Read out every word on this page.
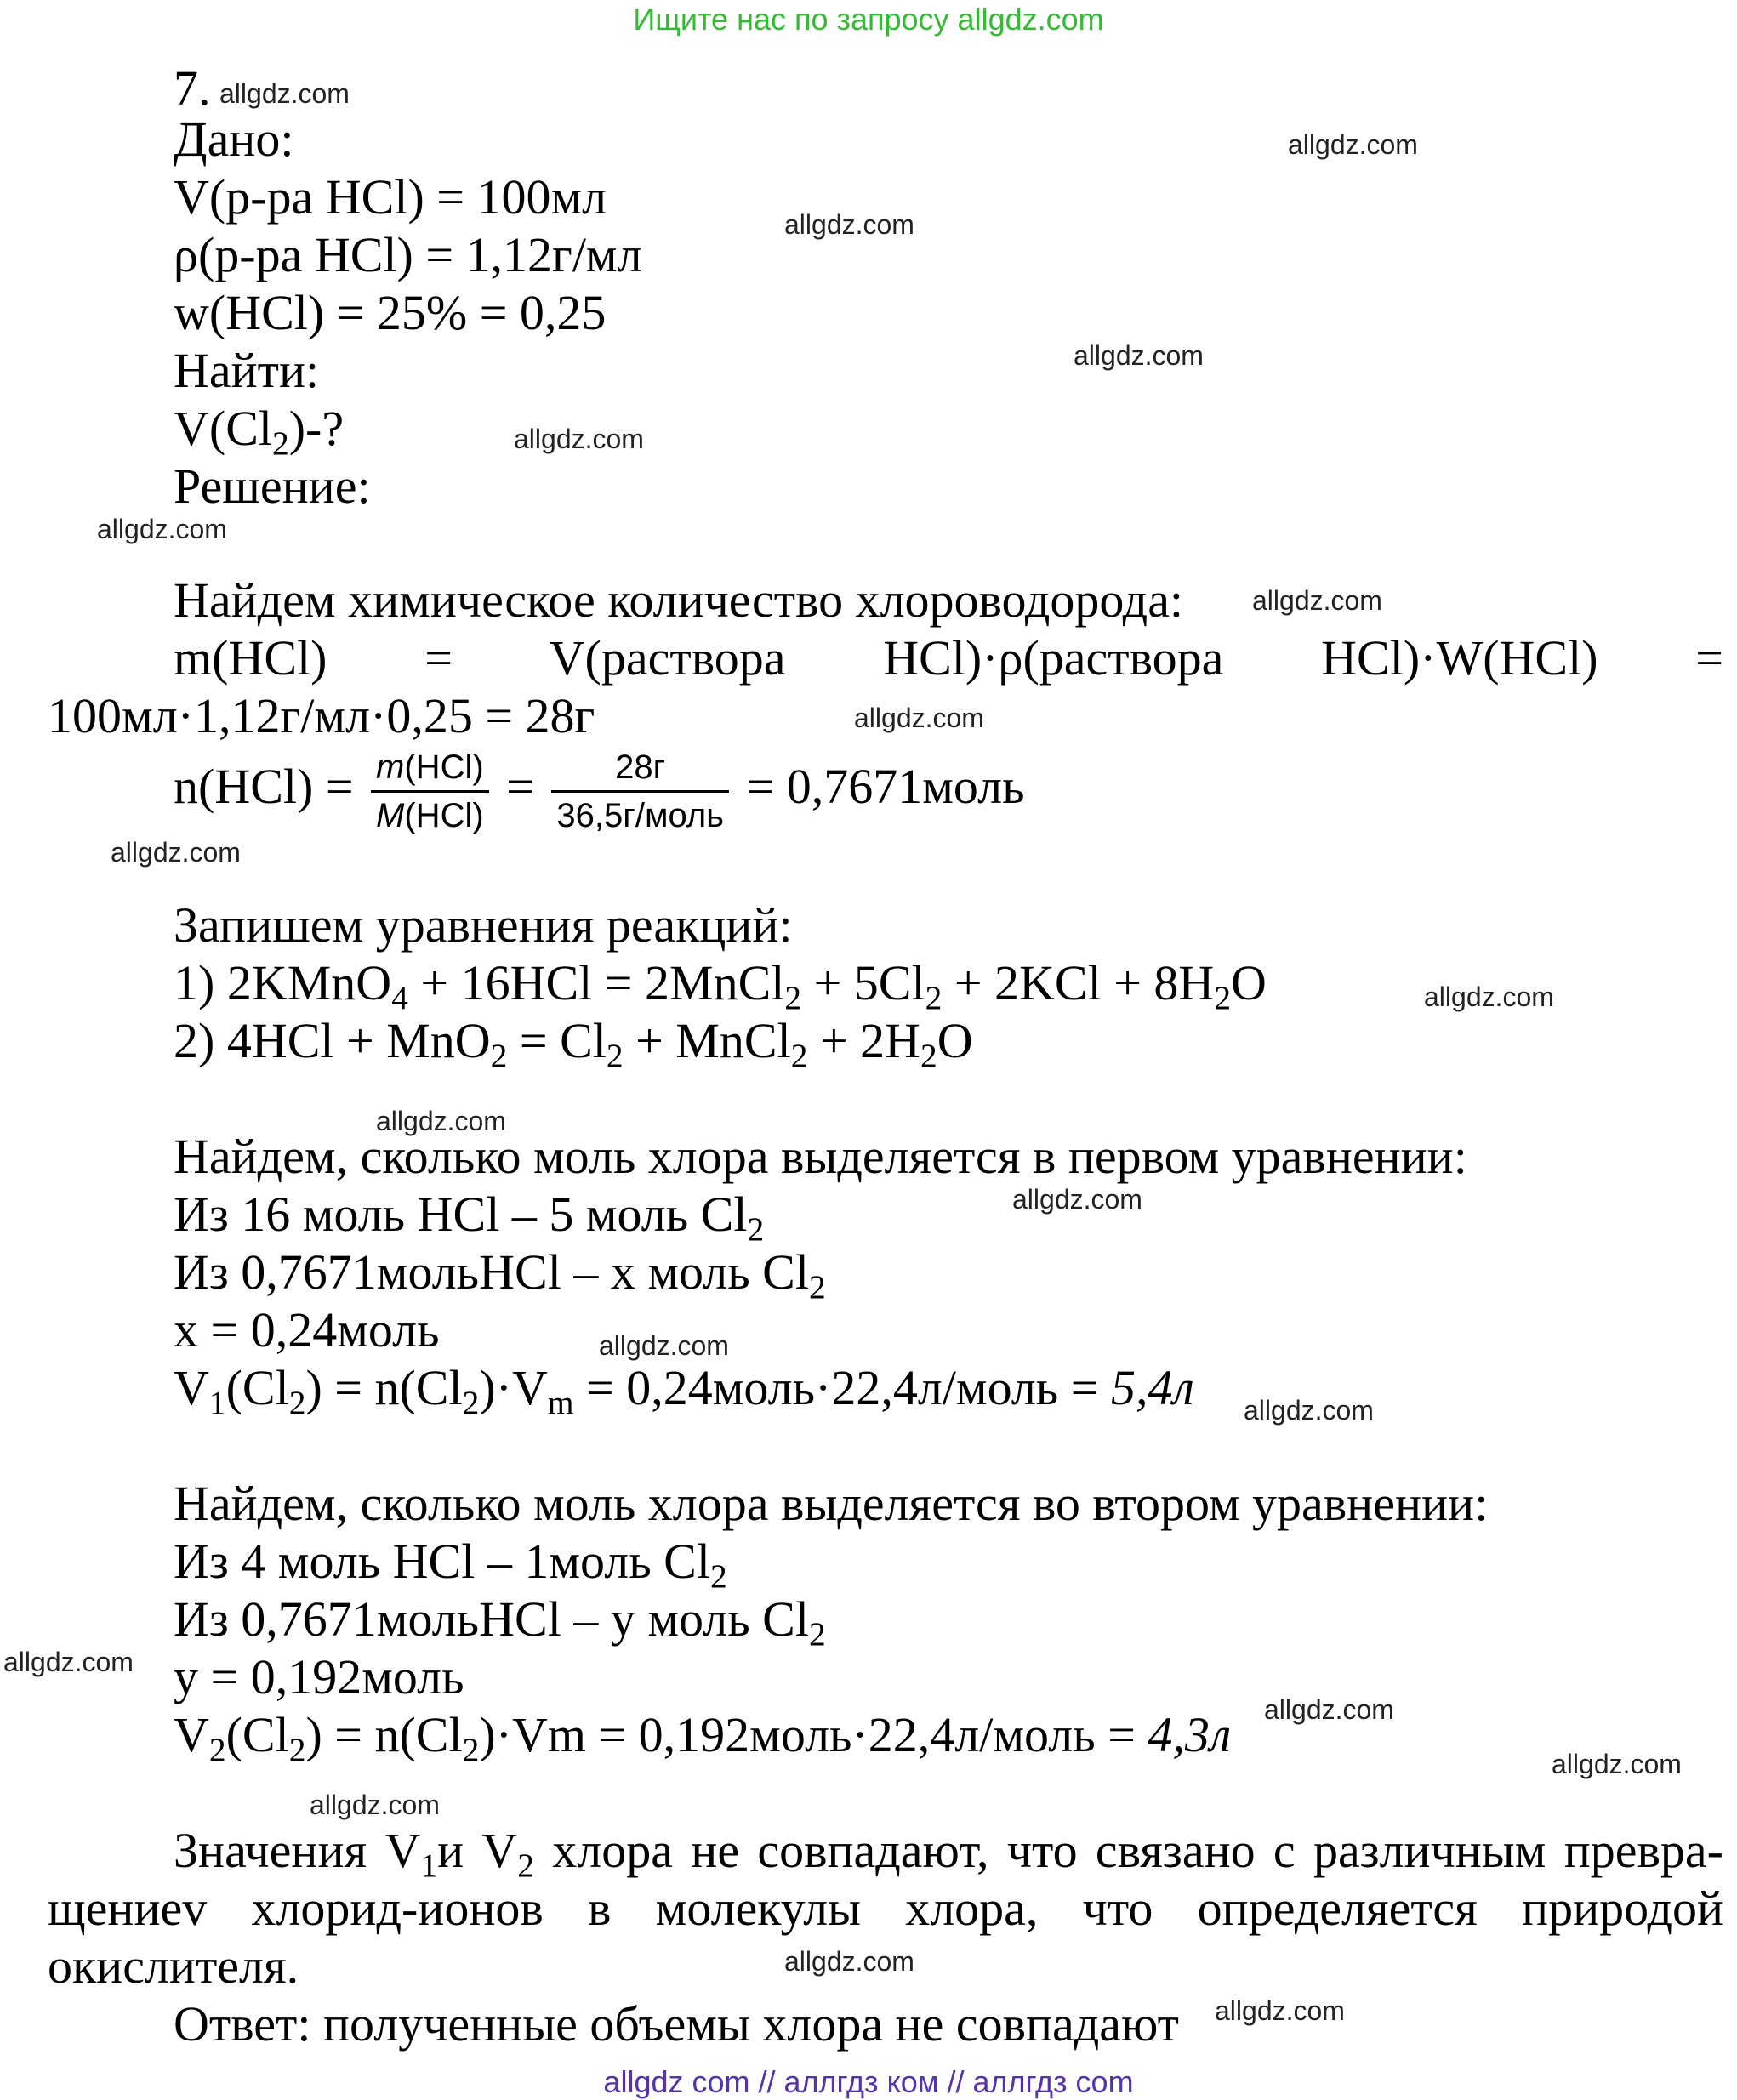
Ищите нас по запросу allgdz.com
7.
Дано:
V(р-ра HCl) = 100мл
ρ(р-ра HCl) = 1,12г/мл
w(HCl) = 25% = 0,25
Найти:
$V(Cl_2)-$?
Решение:
Найдем химическое количество хлороводорода:
m(HCl) = V(раствора HCl)·ρ(раствора HCl)·W(HCl) =
100мл·1,12г/мл·0,25 = 28г
$n(HCl) = \frac{\text{m(HCl)}}{\text{M(HCl)}} = \frac{28г}{\text{36,5г/моль}}$ = 0,7671моль
Запишем уравнения реакций:
1) 2KMnO$_4$ + 16HCl = 2MnCl$_2$ + $5Cl_2 + 2KCl + 8H_2O$
2) $4HCl + MnO_2 = Cl_2$ + MnCl$_2$ + $2H_2O$
Найдем, сколько моль хлора выделяется в первом уравнении:
Из 16 моль HCl – 5 моль $Cl_2$
Из 0,7671мольHCl – x моль $Cl_2$
x = 0,24моль
$V_1(Cl_2) = n(Cl_2)\cdot V_m$ = 0,24моль·22,4л/моль = 5,4л
Найдем, сколько моль хлора выделяется во втором уравнении:
Из 4 моль HCl – 1моль $Cl_2$
Из 0,7671мольHCl – y моль $Cl_2$
y = 0,192моль
$V_2(Cl_2) = n(Cl_2)\cdot Vm$ = 0,192моль·22,4л/моль = 4,3л
Значения $V_1и$ $V_2$ хлора не совпадают, что связано с различным превра-щениеv хлорид-ионов в молекулы хлора, что определяется природой окислителя.
Ответ: полученные объемы хлора не совпадают
allgdz.com
allgdz.com
allgdz.com
allgdz.com
allgdz.com
allgdz.com
allgdz.com
allgdz.com
allgdz.com
allgdz.com
allgdz.com
allgdz.com
allgdz.com
allgdz.com
allgdz.com
allgdz.com
allgdz.com
allgdz.com
allgdz.com
allgdz.com
allgdz com // аллгдз ком // аллгдз com
